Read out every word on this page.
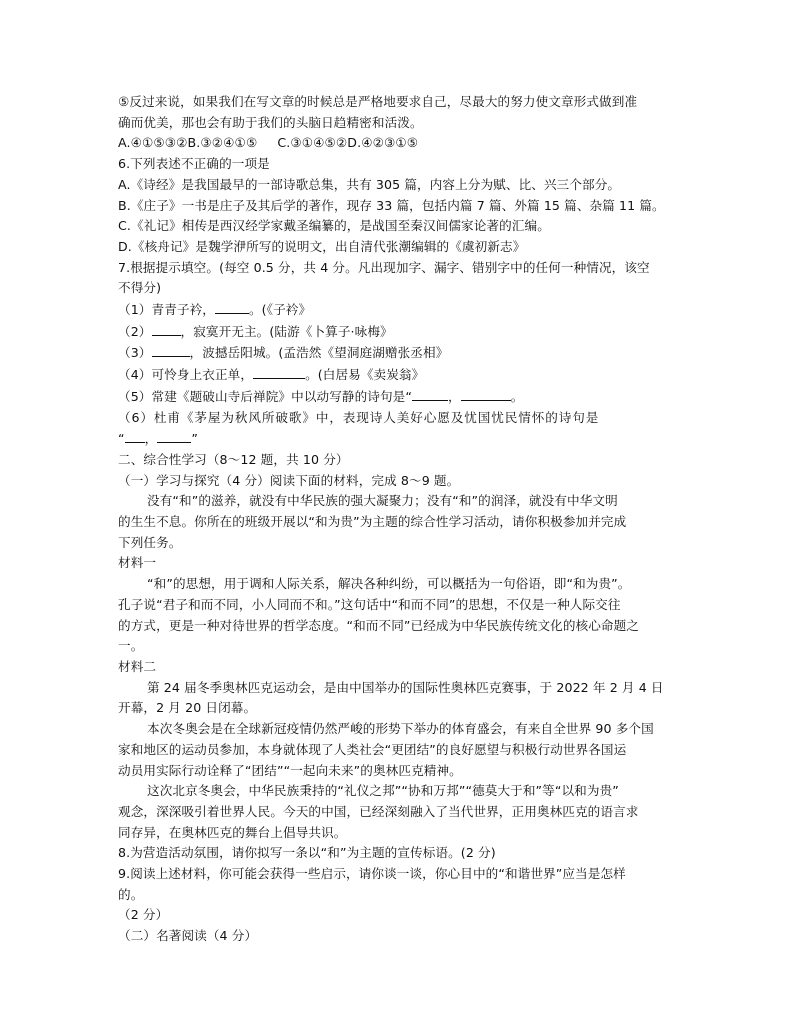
⑤反过来说，如果我们在写文章的时候总是严格地要求自己，尽最大的努力使文章形式做到准

确而优美，那也会有助于我们的头脑日趋精密和活泼。

A.④①⑤③②B.③②④①⑤ C.③①④⑤②D.④②③①⑤

6.下列表述不正确的一项是

A.《诗经》是我国最早的一部诗歌总集，共有 305 篇，内容上分为赋、比、兴三个部分。

B.《庄子》一书是庄子及其后学的著作，现存 33 篇，包括内篇 7 篇、外篇 15 篇、杂篇 11 篇。

C.《礼记》相传是西汉经学家戴圣编纂的，是战国至秦汉间儒家论著的汇编。

D.《核舟记》是魏学洢所写的说明文，出自清代张潮编辑的《虞初新志》

7.根据提示填空。(每空 0.5 分，共 4 分。凡出现加字、漏字、错别字中的任何一种情况，该空

不得分)

（1）青青子衿，	。(《子衿》

（2） ，寂寞开无主。(陆游《卜算子·咏梅》

（3）	，波撼岳阳城。(孟浩然《望洞庭湖赠张丞相》

（4）可怜身上衣正单，	。(白居易《卖炭翁》

（5）常建《题破山寺后禅院》中以动写静的诗句是“	，	。

（6）杜甫《茅屋为秋风所破歌》中，表现诗人美好心愿及忧国忧民情怀的诗句是

“ ，	”

二、综合性学习（8～12 题，共 10 分）

（一）学习与探究（4 分）阅读下面的材料，完成 8～9 题。

没有“和”的滋养，就没有中华民族的强大凝聚力；没有“和”的润泽，就没有中华文明

的生生不息。你所在的班级开展以“和为贵”为主题的综合性学习活动，请你积极参加并完成

下列任务。

材料一

“和”的思想，用于调和人际关系，解决各种纠纷，可以概括为一句俗语，即“和为贵”。

孔子说“君子和而不同，小人同而不和。”这句话中“和而不同”的思想，不仅是一种人际交往

的方式，更是一种对待世界的哲学态度。“和而不同”已经成为中华民族传统文化的核心命题之

一。

材料二

第 24 届冬季奥林匹克运动会，是由中国举办的国际性奥林匹克赛事，于 2022 年 2 月 4 日

开幕，2 月 20 日闭幕。

本次冬奥会是在全球新冠疫情仍然严峻的形势下举办的体育盛会，有来自全世界 90 多个国

家和地区的运动员参加，本身就体现了人类社会“更团结”的良好愿望与积极行动世界各国运

动员用实际行动诠释了“团结”“一起向未来”的奥林匹克精神。

这次北京冬奥会，中华民族秉持的“礼仪之邦”“协和万邦”“德莫大于和”等“以和为贵”

观念，深深吸引着世界人民。今天的中国，已经深刻融入了当代世界，正用奥林匹克的语言求

同存异，在奥林匹克的舞台上倡导共识。

8.为营造活动氛围，请你拟写一条以“和”为主题的宣传标语。(2 分)

9.阅读上述材料，你可能会获得一些启示，请你谈一谈，你心目中的“和谐世界”应当是怎样

的。

（2 分）

（二）名著阅读（4 分）
